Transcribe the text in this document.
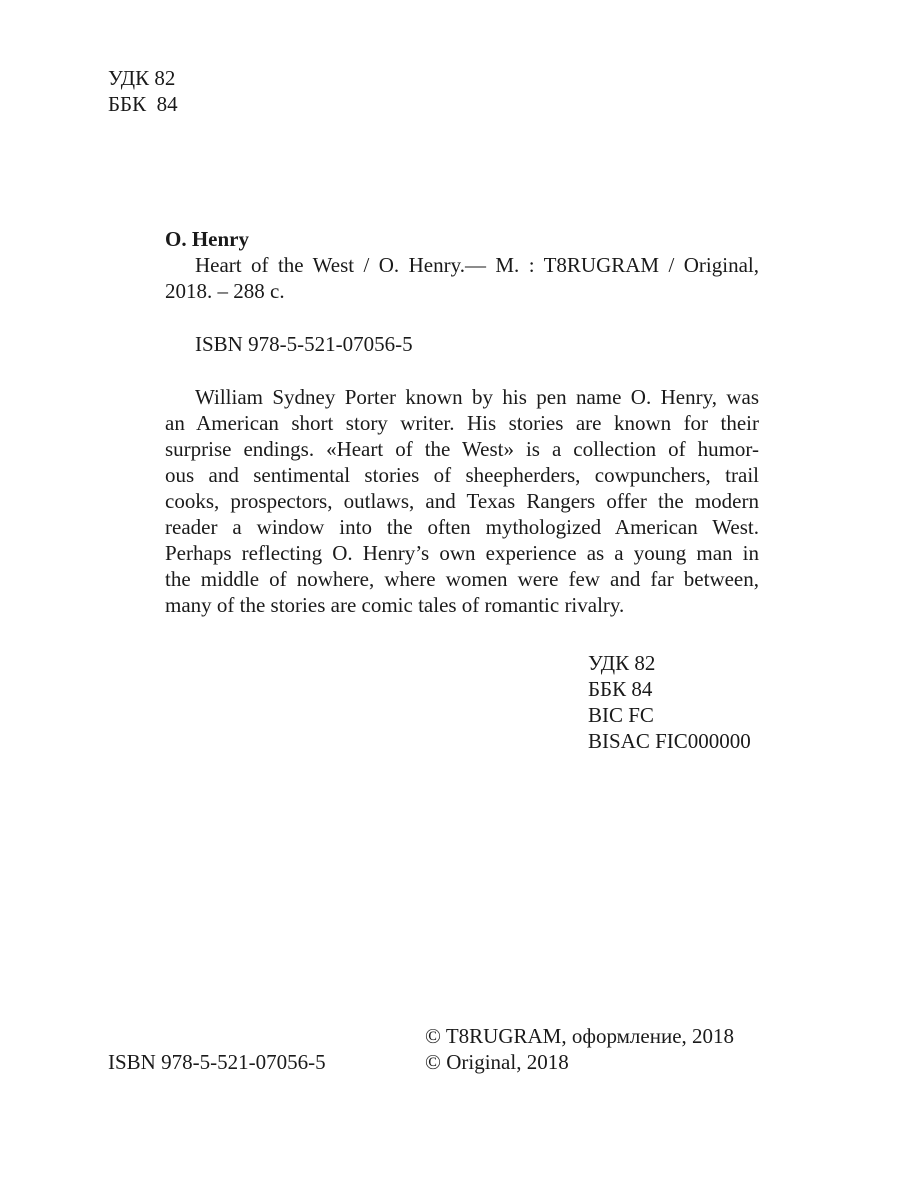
УДК 82
ББК  84
O. Henry
Heart of the West / O. Henry.— M. : T8RUGRAM / Original,
2018. – 288 c.
ISBN 978-5-521-07056-5
William Sydney Porter known by his pen name O. Henry, was
an American short story writer. His stories are known for their
surprise endings. «Heart of the West» is a collection of humor-
ous and sentimental stories of sheepherders, cowpunchers, trail
cooks, prospectors, outlaws, and Texas Rangers offer the modern
reader a window into the often mythologized American West.
Perhaps reflecting O. Henry’s own experience as a young man in
the middle of nowhere, where women were few and far between,
many of the stories are comic tales of romantic rivalry.
УДК 82
ББК 84
BIC FC
BISAC FIC000000
© T8RUGRAM, оформление, 2018
© Original, 2018
ISBN 978-5-521-07056-5
